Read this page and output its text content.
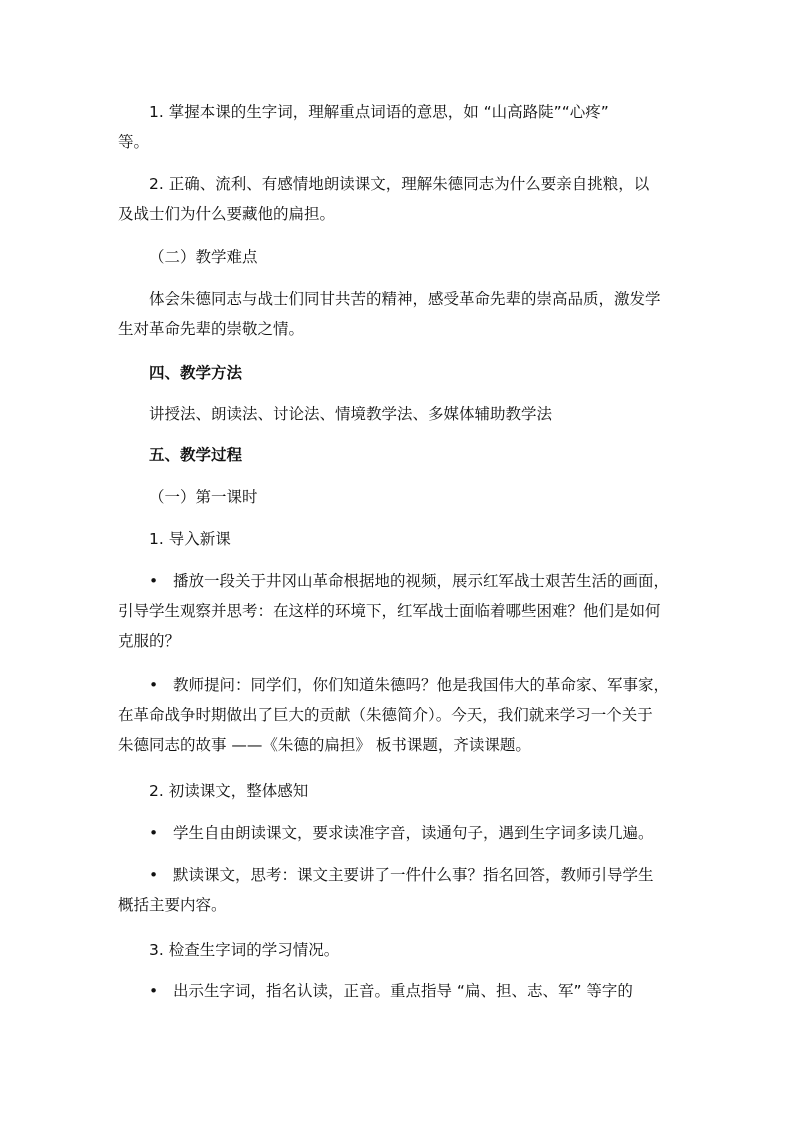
1. 掌握本课的生字词，理解重点词语的意思，如 “山高路陡”“心疼”
等。

2. 正确、流利、有感情地朗读课文，理解朱德同志为什么要亲自挑粮，以
及战士们为什么要藏他的扁担。

（二）教学难点

体会朱德同志与战士们同甘共苦的精神，感受革命先辈的崇高品质，激发学
生对革命先辈的崇敬之情。

四、教学方法

讲授法、朗读法、讨论法、情境教学法、多媒体辅助教学法

五、教学过程

（一）第一课时

1. 导入新课

• 播放一段关于井冈山革命根据地的视频，展示红军战士艰苦生活的画面，
引导学生观察并思考：在这样的环境下，红军战士面临着哪些困难？他们是如何
克服的？

• 教师提问：同学们，你们知道朱德吗？他是我国伟大的革命家、军事家，
在革命战争时期做出了巨大的贡献（朱德简介）。今天，我们就来学习一个关于
朱德同志的故事 ——《朱德的扁担》 板书课题，齐读课题。

2. 初读课文，整体感知

• 学生自由朗读课文，要求读准字音，读通句子，遇到生字词多读几遍。

• 默读课文，思考：课文主要讲了一件什么事？指名回答，教师引导学生
概括主要内容。

3. 检查生字词的学习情况。

• 出示生字词，指名认读，正音。重点指导 “扁、担、志、军” 等字的
